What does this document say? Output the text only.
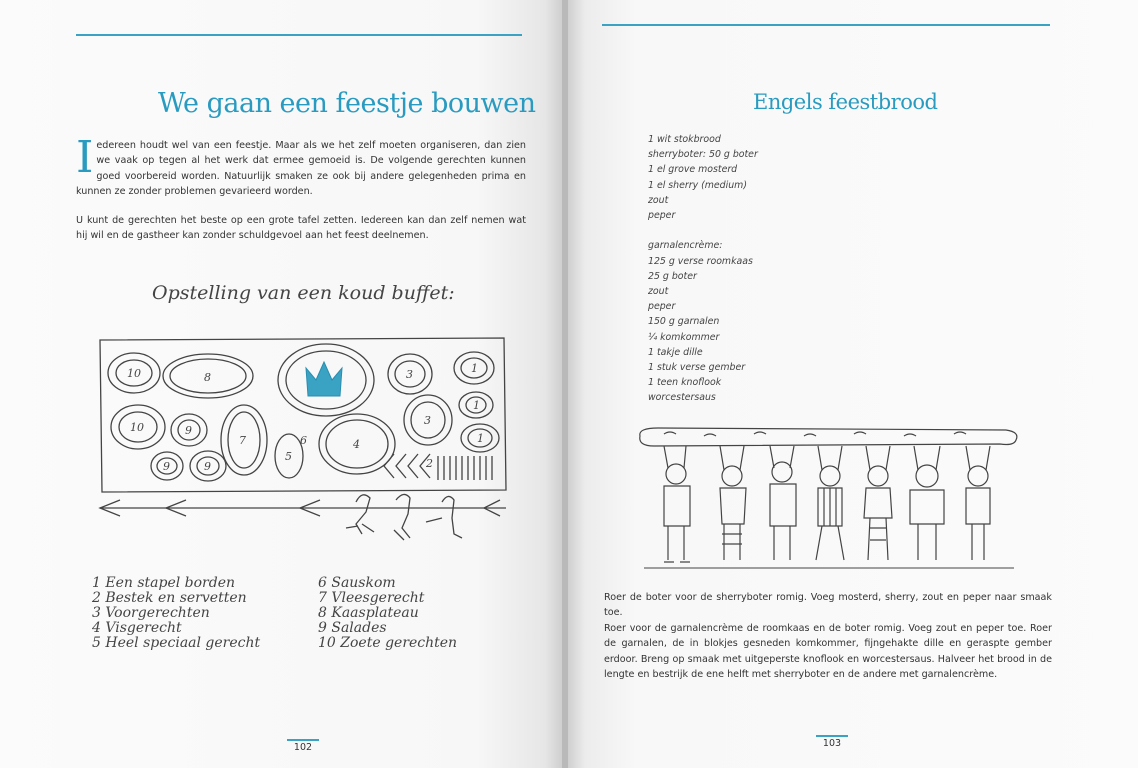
We gaan een feestje bouwen
Iedereen houdt wel van een feestje. Maar als we het zelf moeten organiseren, dan zien we vaak op tegen al het werk dat ermee gemoeid is. De volgende gerechten kunnen goed voorbereid worden. Natuurlijk smaken ze ook bij andere gelegenheden prima en kunnen ze zonder problemen gevarieerd worden.
U kunt de gerechten het beste op een grote tafel zetten. Iedereen kan dan zelf nemen wat hij wil en de gastheer kan zonder schuldgevoel aan het feest deelnemen.
Opstelling van een koud buffet:
10	8	3	1
10	9
7
3
1
9	9
6	4	1
2
5
1 Een stapel borden
2 Bestek en servetten
3 Voorgerechten
4 Visgerecht
5 Heel speciaal gerecht
6 Sauskom
7 Vleesgerecht
8 Kaasplateau
9 Salades
10 Zoete gerechten
102
Engels feestbrood
1 wit stokbrood
sherryboter: 50 g boter
1 el grove mosterd
1 el sherry (medium)
zout
peper
garnalencrème:
125 g verse roomkaas
25 g boter
zout
peper
150 g garnalen
¼ komkommer
1 takje dille
1 stuk verse gember
1 teen knoflook
worcestersaus
Roer de boter voor de sherryboter romig. Voeg mosterd, sherry, zout en peper naar smaak toe.
Roer voor de garnalencrème de roomkaas en de boter romig. Voeg zout en peper toe. Roer de garnalen, de in blokjes gesneden komkommer, fijngehakte dille en geraspte gember erdoor. Breng op smaak met uitgeperste knoflook en worcestersaus. Halveer het brood in de lengte en bestrijk de ene helft met sherryboter en de andere met garnalencrème.
103
